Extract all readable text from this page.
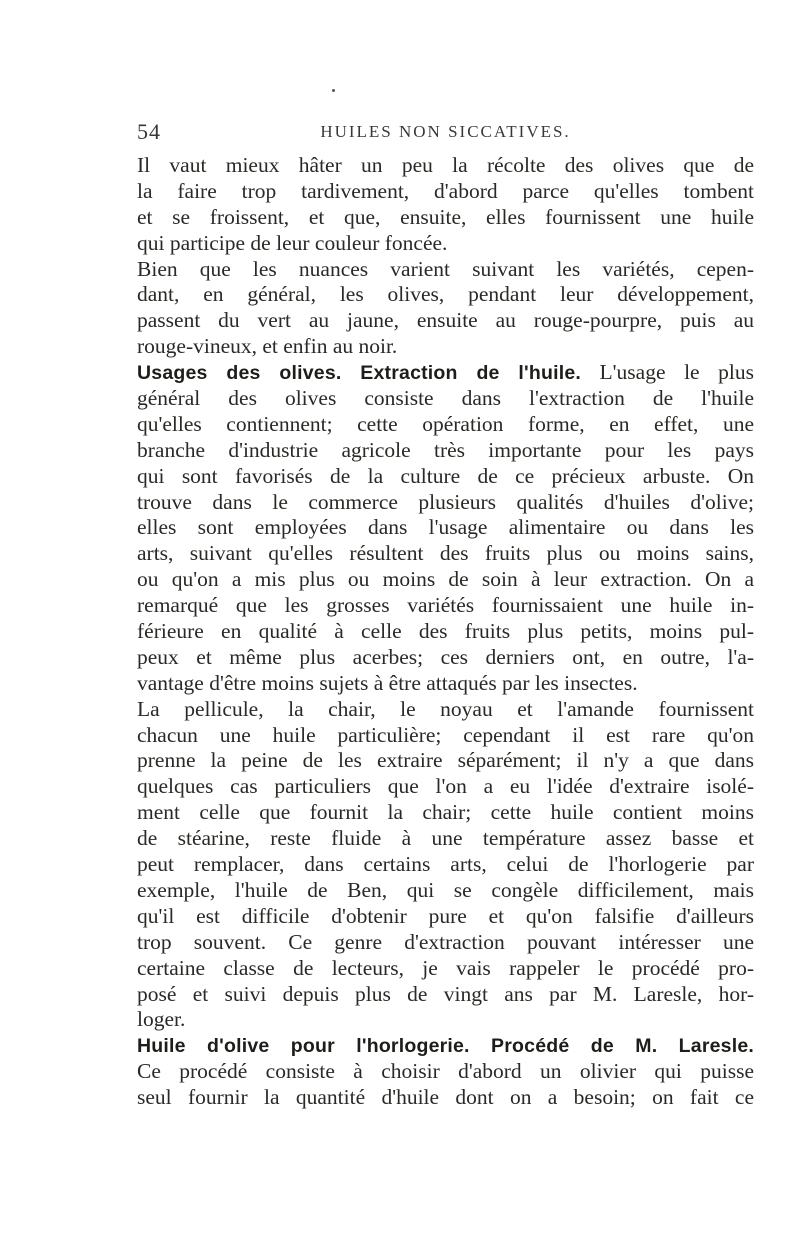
54	HUILES NON SICCATIVES.
Il vaut mieux hâter un peu la récolte des olives que de
la faire trop tardivement, d'abord parce qu'elles tombent
et se froissent, et que, ensuite, elles fournissent une huile
qui participe de leur couleur foncée.
Bien que les nuances varient suivant les variétés, cepen-
dant, en général, les olives, pendant leur développement,
passent du vert au jaune, ensuite au rouge-pourpre, puis au
rouge-vineux, et enfin au noir.
Usages des olives. Extraction de l'huile. L'usage le plus
général des olives consiste dans l'extraction de l'huile
qu'elles contiennent; cette opération forme, en effet, une
branche d'industrie agricole très importante pour les pays
qui sont favorisés de la culture de ce précieux arbuste. On
trouve dans le commerce plusieurs qualités d'huiles d'olive;
elles sont employées dans l'usage alimentaire ou dans les
arts, suivant qu'elles résultent des fruits plus ou moins sains,
ou qu'on a mis plus ou moins de soin à leur extraction. On a
remarqué que les grosses variétés fournissaient une huile in-
férieure en qualité à celle des fruits plus petits, moins pul-
peux et même plus acerbes; ces derniers ont, en outre, l'a-
vantage d'être moins sujets à être attaqués par les insectes.
La pellicule, la chair, le noyau et l'amande fournissent
chacun une huile particulière; cependant il est rare qu'on
prenne la peine de les extraire séparément; il n'y a que dans
quelques cas particuliers que l'on a eu l'idée d'extraire isolé-
ment celle que fournit la chair; cette huile contient moins
de stéarine, reste fluide à une température assez basse et
peut remplacer, dans certains arts, celui de l'horlogerie par
exemple, l'huile de Ben, qui se congèle difficilement, mais
qu'il est difficile d'obtenir pure et qu'on falsifie d'ailleurs
trop souvent. Ce genre d'extraction pouvant intéresser une
certaine classe de lecteurs, je vais rappeler le procédé pro-
posé et suivi depuis plus de vingt ans par M. Laresle, hor-
loger.
Huile d'olive pour l'horlogerie. Procédé de M. Laresle.
Ce procédé consiste à choisir d'abord un olivier qui puisse
seul fournir la quantité d'huile dont on a besoin; on fait ce
